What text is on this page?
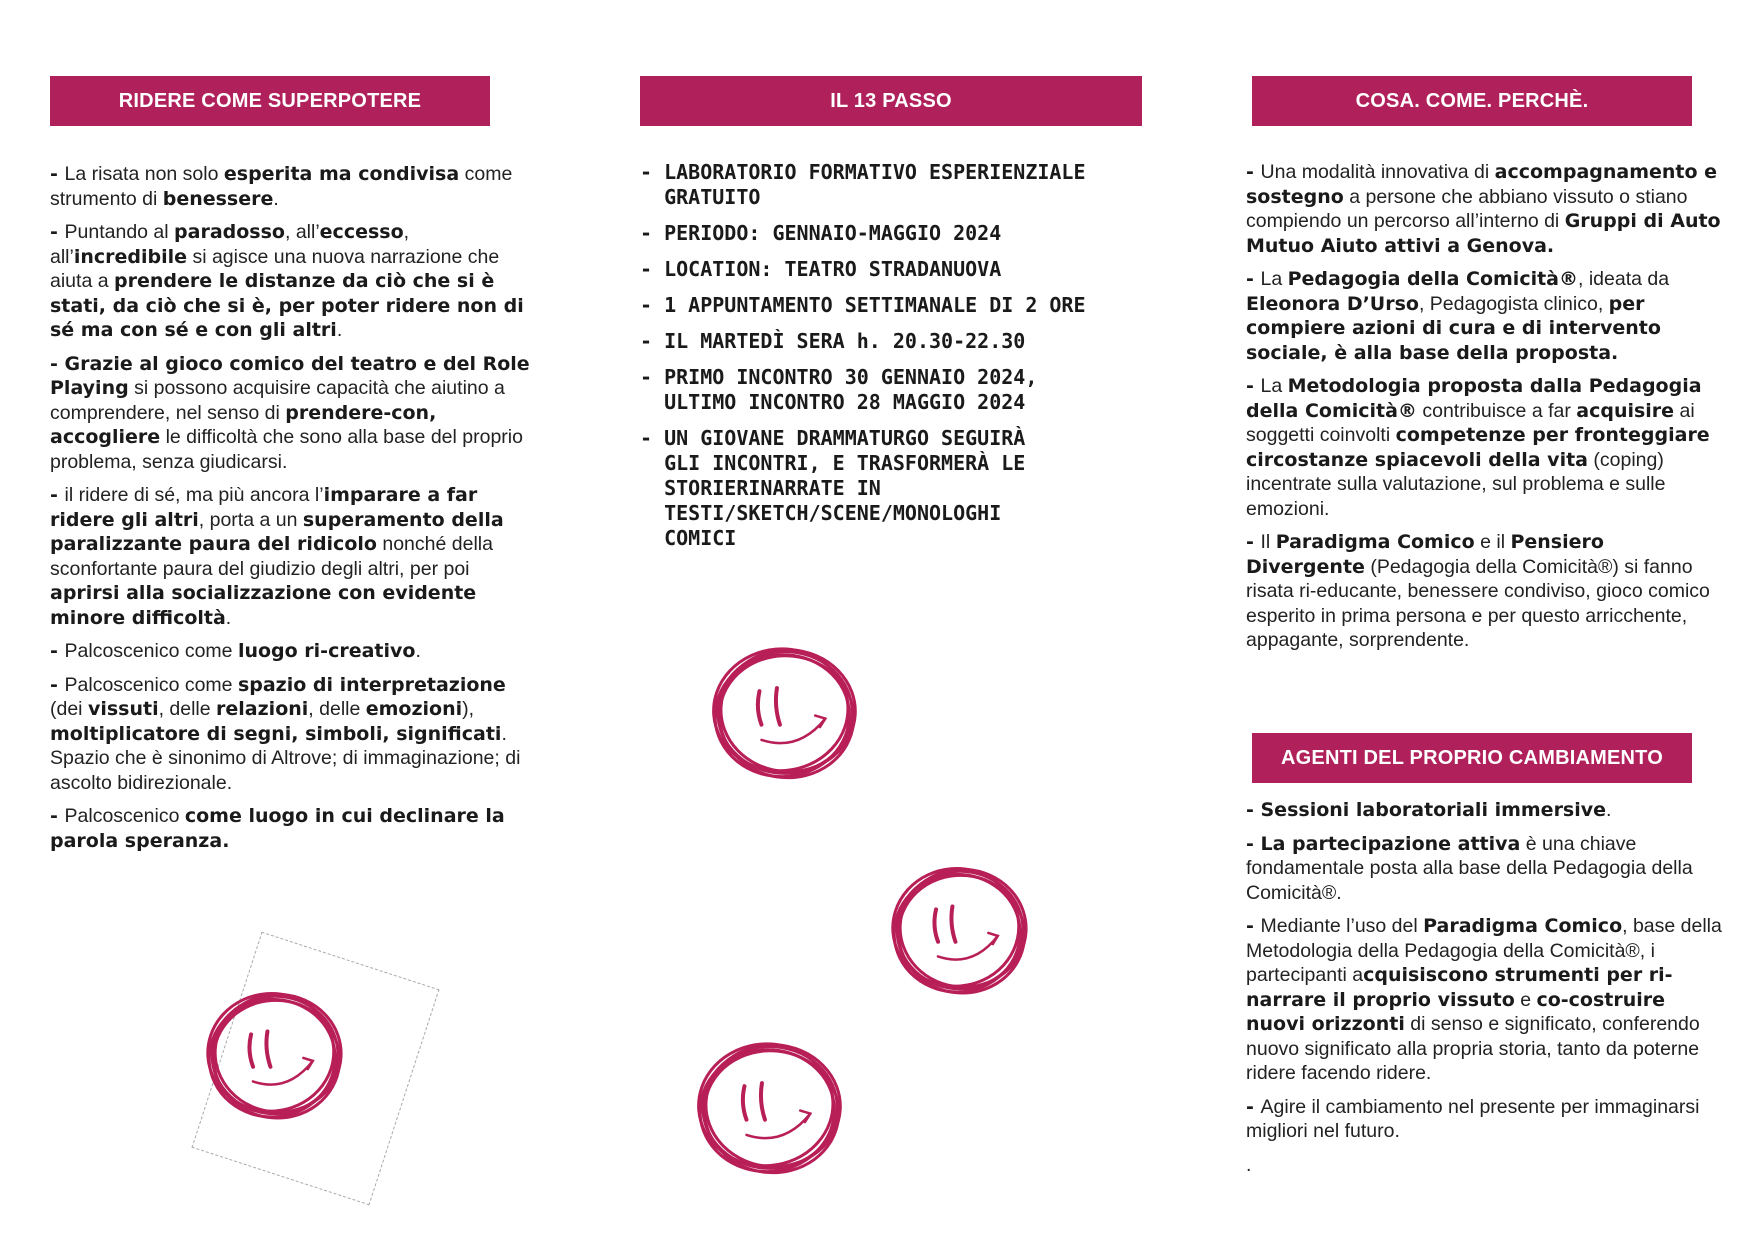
RIDERE COME SUPERPOTERE	IL 13 PASSO	COSA. COME. PERCHÈ.
AGENTI DEL PROPRIO CAMBIAMENTO

- La risata non solo esperita ma condivisa come strumento di benessere.

- Puntando al paradosso, all’eccesso, all’incredibile si agisce una nuova narrazione che aiuta a prendere le distanze da ciò che si è stati, da ciò che si è, per poter ridere non di sé ma con sé e con gli altri.

- Grazie al gioco comico del teatro e del Role Playing si possono acquisire capacità che aiutino a comprendere, nel senso di prendere-con, accogliere le difficoltà che sono alla base del proprio problema, senza giudicarsi.

- il ridere di sé, ma più ancora l’imparare a far ridere gli altri, porta a un superamento della paralizzante paura del ridicolo nonché della sconfortante paura del giudizio degli altri, per poi aprirsi alla socializzazione con evidente minore difficoltà.

- Palcoscenico come luogo ri-creativo.

- Palcoscenico come spazio di interpretazione (dei vissuti, delle relazioni, delle emozioni), moltiplicatore di segni, simboli, significati. Spazio che è sinonimo di Altrove; di immaginazione; di ascolto bidirezionale.

- Palcoscenico come luogo in cui declinare la parola speranza.

- LABORATORIO FORMATIVO ESPERIENZIALE
GRATUITO
- PERIODO: GENNAIO-MAGGIO 2024
- LOCATION: TEATRO STRADANUOVA
- 1 APPUNTAMENTO SETTIMANALE DI 2 ORE
- IL MARTEDÌ SERA h. 20.30-22.30
- PRIMO INCONTRO 30 GENNAIO 2024,
ULTIMO INCONTRO 28 MAGGIO 2024
- UN GIOVANE DRAMMATURGO SEGUIRÀ
GLI INCONTRI, E TRASFORMERÀ LE
STORIERINARRATE IN
TESTI/SKETCH/SCENE/MONOLOGHI
COMICI

- Una modalità innovativa di accompagnamento e sostegno a persone che abbiano vissuto o stiano compiendo un percorso all’interno di Gruppi di Auto Mutuo Aiuto attivi a Genova.

- La Pedagogia della Comicità®, ideata da Eleonora D’Urso, Pedagogista clinico, per compiere azioni di cura e di intervento sociale, è alla base della proposta.

- La Metodologia proposta dalla Pedagogia della Comicità® contribuisce a far acquisire ai soggetti coinvolti competenze per fronteggiare circostanze spiacevoli della vita (coping) incentrate sulla valutazione, sul problema e sulle emozioni.

- Il Paradigma Comico e il Pensiero Divergente (Pedagogia della Comicità®) si fanno risata ri-educante, benessere condiviso, gioco comico esperito in prima persona e per questo arricchente, appagante, sorprendente.

- Sessioni laboratoriali immersive.

- La partecipazione attiva è una chiave fondamentale posta alla base della Pedagogia della Comicità®.

- Mediante l’uso del Paradigma Comico, base della Metodologia della Pedagogia della Comicità®, i partecipanti acquisiscono strumenti per ri-narrare il proprio vissuto e co-costruire nuovi orizzonti di senso e significato, conferendo nuovo significato alla propria storia, tanto da poterne ridere facendo ridere.

- Agire il cambiamento nel presente per immaginarsi migliori nel futuro.

.
